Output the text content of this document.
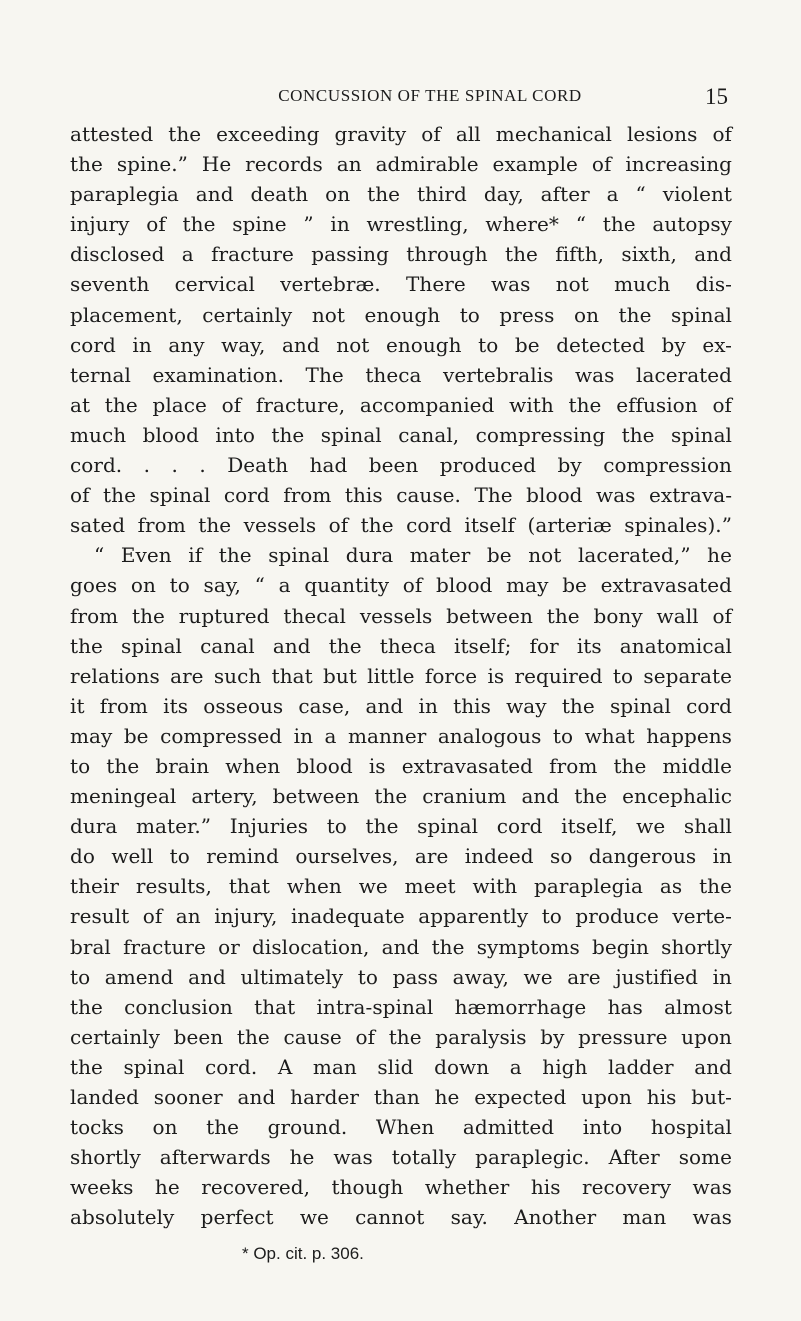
CONCUSSION OF THE SPINAL CORD	15
attested the exceeding gravity of all mechanical lesions of
the spine.” He records an admirable example of increasing
paraplegia and death on the third day, after a “ violent
injury of the spine ” in wrestling, where* “ the autopsy
disclosed a fracture passing through the fifth, sixth, and
seventh cervical vertebræ. There was not much dis-
placement, certainly not enough to press on the spinal
cord in any way, and not enough to be detected by ex-
ternal examination. The theca vertebralis was lacerated
at the place of fracture, accompanied with the effusion of
much blood into the spinal canal, compressing the spinal
cord. . . . Death had been produced by compression
of the spinal cord from this cause. The blood was extrava-
sated from the vessels of the cord itself (arteriæ spinales).”
“ Even if the spinal dura mater be not lacerated,” he
goes on to say, “ a quantity of blood may be extravasated
from the ruptured thecal vessels between the bony wall of
the spinal canal and the theca itself; for its anatomical
relations are such that but little force is required to separate
it from its osseous case, and in this way the spinal cord
may be compressed in a manner analogous to what happens
to the brain when blood is extravasated from the middle
meningeal artery, between the cranium and the encephalic
dura mater.” Injuries to the spinal cord itself, we shall
do well to remind ourselves, are indeed so dangerous in
their results, that when we meet with paraplegia as the
result of an injury, inadequate apparently to produce verte-
bral fracture or dislocation, and the symptoms begin shortly
to amend and ultimately to pass away, we are justified in
the conclusion that intra-spinal hæmorrhage has almost
certainly been the cause of the paralysis by pressure upon
the spinal cord. A man slid down a high ladder and
landed sooner and harder than he expected upon his but-
tocks on the ground. When admitted into hospital
shortly afterwards he was totally paraplegic. After some
weeks he recovered, though whether his recovery was
absolutely perfect we cannot say. Another man was
* Op. cit. p. 306.
